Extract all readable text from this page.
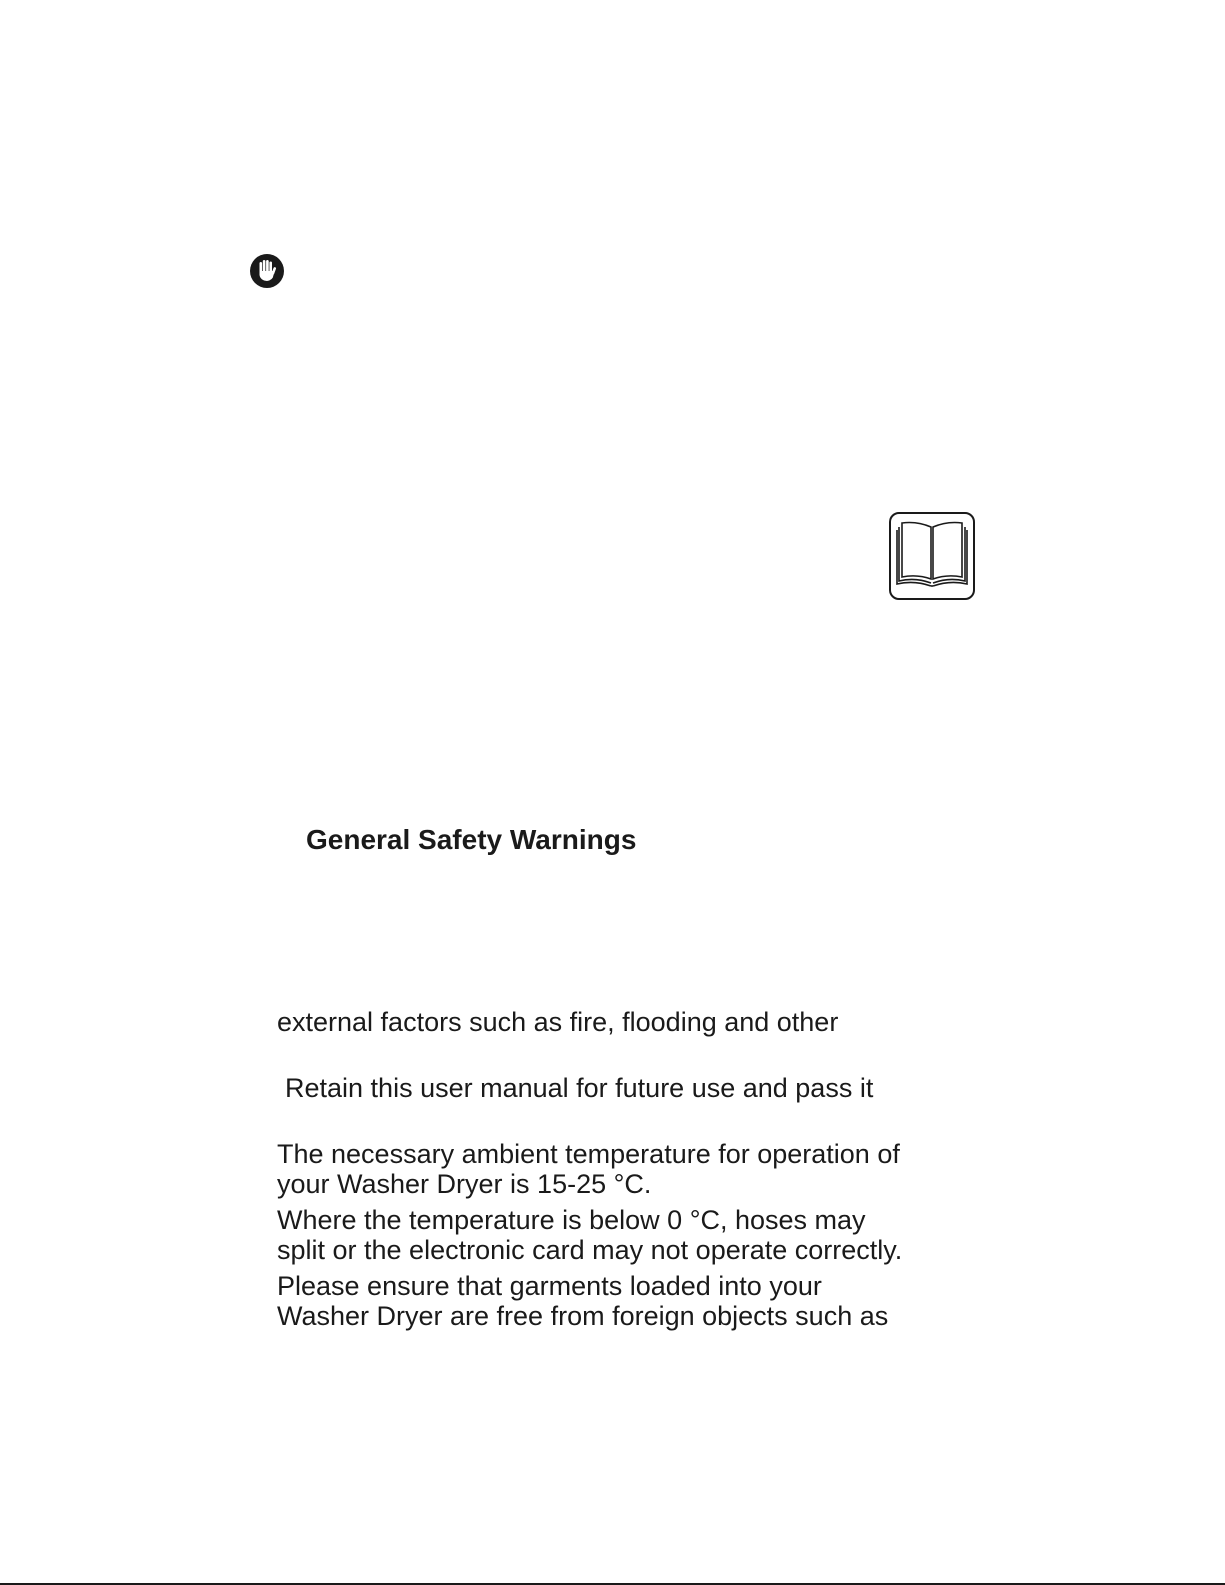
General Safety Warnings
external factors such as fire, flooding and other
Retain this user manual for future use and pass it
The necessary ambient temperature for operation of
your Washer Dryer is 15-25 °C.
Where the temperature is below 0 °C, hoses may
split or the electronic card may not operate correctly.
Please ensure that garments loaded into your
Washer Dryer are free from foreign objects such as
